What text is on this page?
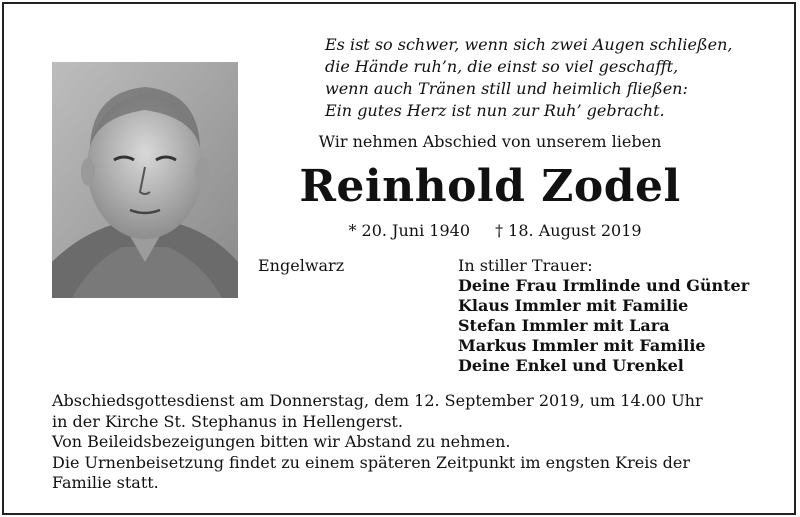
Es ist so schwer, wenn sich zwei Augen schließen,
die Hände ruh’n, die einst so viel geschafft,
wenn auch Tränen still und heimlich fließen:
Ein gutes Herz ist nun zur Ruh’ gebracht.
Wir nehmen Abschied von unserem lieben
Reinhold Zodel
* 20. Juni 1940 † 18. August 2019
Engelwarz	In stiller Trauer:
Deine Frau Irmlinde und Günter
Klaus Immler mit Familie
Stefan Immler mit Lara
Markus Immler mit Familie
Deine Enkel und Urenkel
Abschiedsgottesdienst am Donnerstag, dem 12. September 2019, um 14.00 Uhr
in der Kirche St. Stephanus in Hellengerst.
Von Beileidsbezeigungen bitten wir Abstand zu nehmen.
Die Urnenbeisetzung findet zu einem späteren Zeitpunkt im engsten Kreis der
Familie statt.
